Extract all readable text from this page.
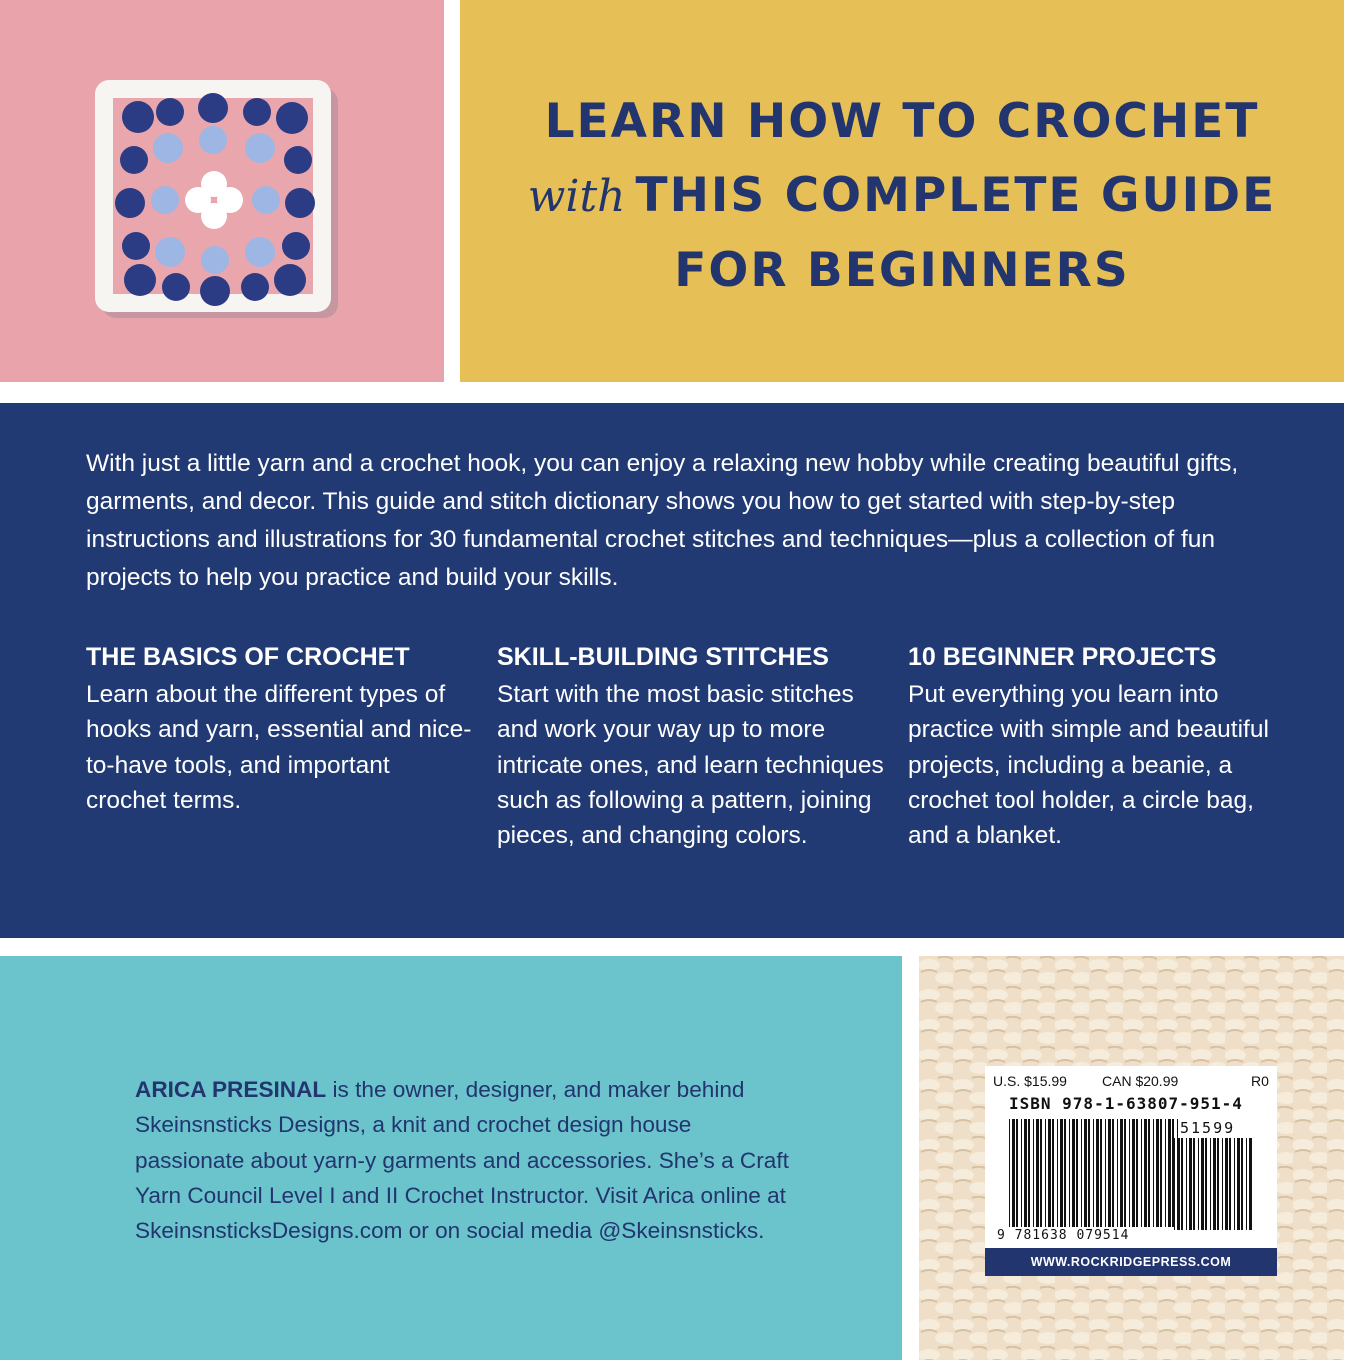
LEARN HOW TO CROCHET
with THIS COMPLETE GUIDE
FOR BEGINNERS
With just a little yarn and a crochet hook, you can enjoy a relaxing new hobby while creating beautiful gifts, garments, and decor. This guide and stitch dictionary shows you how to get started with step-by-step instructions and illustrations for 30 fundamental crochet stitches and techniques—plus a collection of fun projects to help you practice and build your skills.
THE BASICS OF CROCHET

Learn about the different types of hooks and yarn, essential and nice-to-have tools, and important crochet terms.

SKILL-BUILDING STITCHES

Start with the most basic stitches and work your way up to more intricate ones, and learn techniques such as following a pattern, joining pieces, and changing colors.

10 BEGINNER PROJECTS

Put everything you learn into practice with simple and beautiful projects, including a beanie, a crochet tool holder, a circle bag, and a blanket.

ARICA PRESINAL is the owner, designer, and maker behind Skeinsnsticks Designs, a knit and crochet design house passionate about yarn-y garments and accessories. She’s a Craft Yarn Council Level I and II Crochet Instructor. Visit Arica online at SkeinsnsticksDesigns.com or on social media @Skeinsnsticks.
U.S. $15.99	CAN $20.99	R0
ISBN 978-1-63807-951-4
51599
9 781638 079514
WWW.ROCKRIDGEPRESS.COM
